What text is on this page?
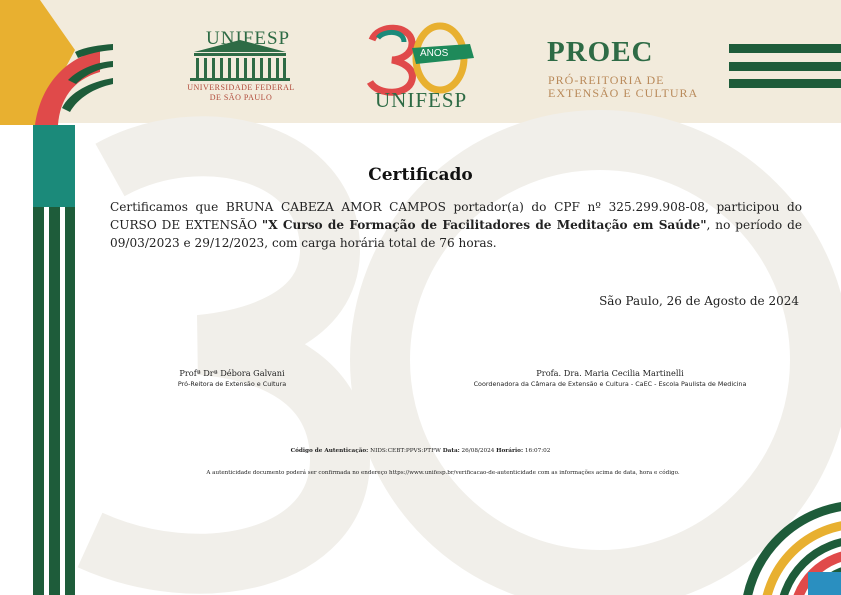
UNIFESP
UNIVERSIDADE FEDERAL
DE SÃO PAULO
ANOS
UNIFESP
PROEC
PRÓ-REITORIA DE
EXTENSÃO E CULTURA
Certificado
Certificamos que BRUNA CABEZA AMOR CAMPOS portador(a) do CPF nº 325.299.908-08, participou do CURSO DE EXTENSÃO "X Curso de Formação de Facilitadores de Meditação em Saúde", no período de 09/03/2023 e 29/12/2023, com carga horária total de 76 horas.
São Paulo, 26 de Agosto de 2024
Profª Drª Débora Galvani
Pró-Reitora de Extensão e Cultura
Profa. Dra. Maria Cecilia Martinelli
Coordenadora da Câmara de Extensão e Cultura - CaEC - Escola Paulista de Medicina
Código de Autenticação: NIDS:CEBT:PPVS:PTFW Data: 26/08/2024 Horário: 16:07:02
A autenticidade documento poderá ser confirmada no endereço https://www.unifesp.br/verificacao-de-autenticidade com as informações acima de data, hora e código.
